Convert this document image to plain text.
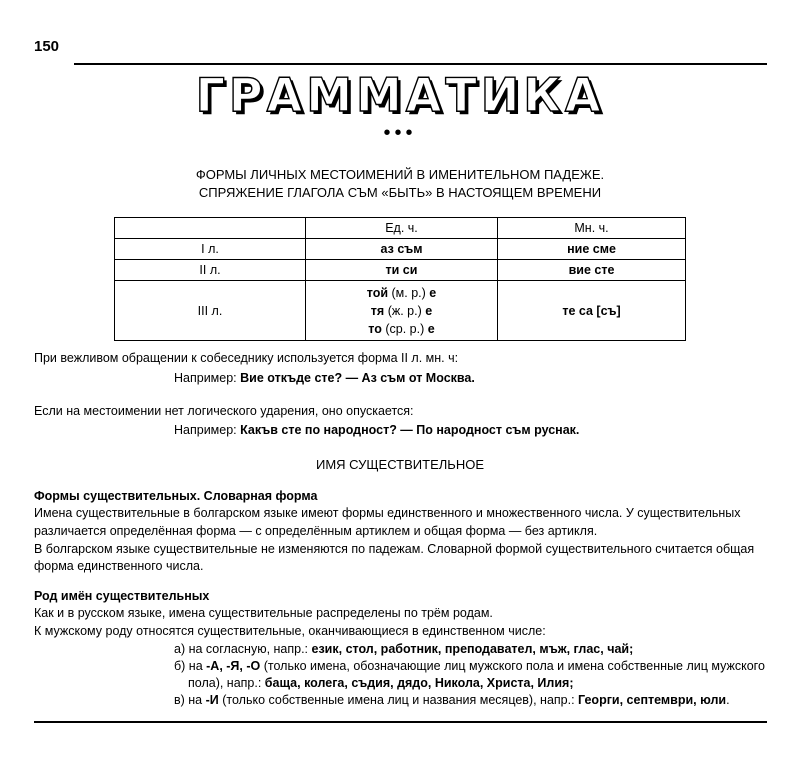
150
ГРАММАТИКА
•••
ФОРМЫ ЛИЧНЫХ МЕСТОИМЕНИЙ В ИМЕНИТЕЛЬНОМ ПАДЕЖЕ.
СПРЯЖЕНИЕ ГЛАГОЛА СЪМ «БЫТЬ» В НАСТОЯЩЕМ ВРЕМЕНИ
	Ед. ч.	Мн. ч.
I л.	аз съм	ние сме
II л.	ти си	вие сте
III л.	той (м. р.) е
тя (ж. р.) е
то (ср. р.) е	те са [съ]
При вежливом обращении к собеседнику используется форма II л. мн. ч:
Например: Вие откъде сте? — Аз съм от Москва.
Если на местоимении нет логического ударения, оно опускается:
Например: Какъв сте по народност? — По народност съм руснак.
ИМЯ СУЩЕСТВИТЕЛЬНОЕ
Формы существительных. Словарная форма
Имена существительные в болгарском языке имеют формы единственного и множественного числа. У существительных
различается определённая форма — с определённым артиклем и общая форма — без артикля.
В болгарском языке существительные не изменяются по падежам. Словарной формой существительного считается общая
форма единственного числа.
Род имён существительных
Как и в русском языке, имена существительные распределены по трём родам.
К мужскому роду относятся существительные, оканчивающиеся в единственном числе:
а) на согласную, напр.: език, стол, работник, преподавател, мъж, глас, чай;
б) на -А, -Я, -О (только имена, обозначающие лиц мужского пола и имена собственные лиц мужского
пола), напр.: баща, колега, съдия, дядо, Никола, Христа, Илия;
в) на -И (только собственные имена лиц и названия месяцев), напр.: Георги, септември, юли.
